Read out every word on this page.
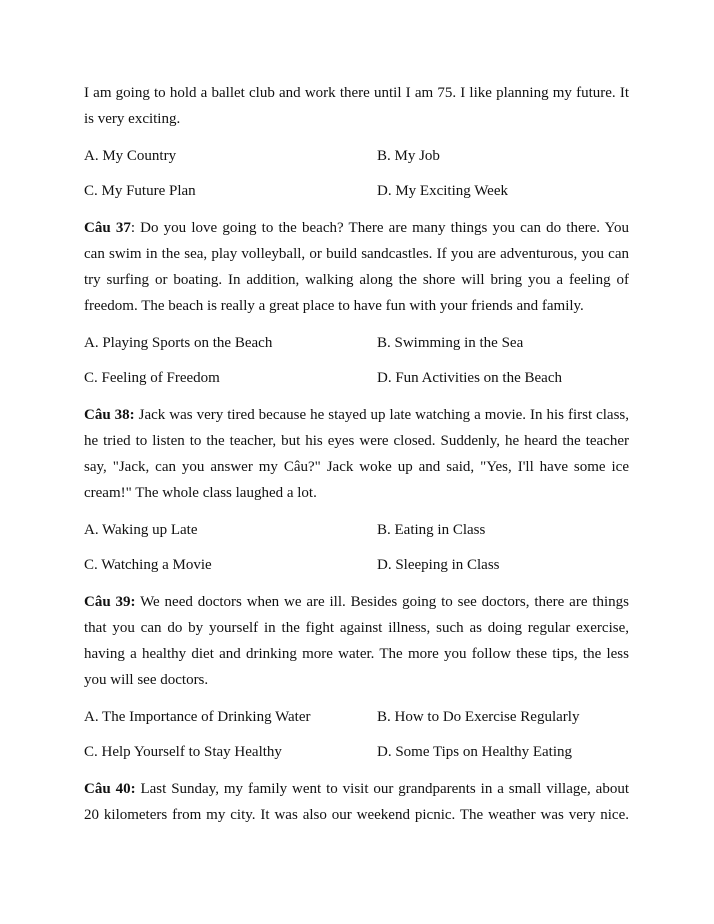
I am going to hold a ballet club and work there until I am 75. I like planning my future. It is very exciting.

A. My Country	B. My Job
C. My Future Plan	D. My Exciting Week

Câu 37: Do you love going to the beach? There are many things you can do there. You can swim in the sea, play volleyball, or build sandcastles. If you are adventurous, you can try surfing or boating. In addition, walking along the shore will bring you a feeling of freedom. The beach is really a great place to have fun with your friends and family.

A. Playing Sports on the Beach	B. Swimming in the Sea
C. Feeling of Freedom	D. Fun Activities on the Beach

Câu 38: Jack was very tired because he stayed up late watching a movie. In his first class, he tried to listen to the teacher, but his eyes were closed. Suddenly, he heard the teacher say, "Jack, can you answer my Câu?" Jack woke up and said, "Yes, I'll have some ice cream!" The whole class laughed a lot.

A. Waking up Late	B. Eating in Class
C. Watching a Movie	D. Sleeping in Class

Câu 39: We need doctors when we are ill. Besides going to see doctors, there are things that you can do by yourself in the fight against illness, such as doing regular exercise, having a healthy diet and drinking more water. The more you follow these tips, the less you will see doctors.

A. The Importance of Drinking Water	B. How to Do Exercise Regularly
C. Help Yourself to Stay Healthy	D. Some Tips on Healthy Eating

Câu 40: Last Sunday, my family went to visit our grandparents in a small village, about 20 kilometers from my city. It was also our weekend picnic. The weather was very nice.
